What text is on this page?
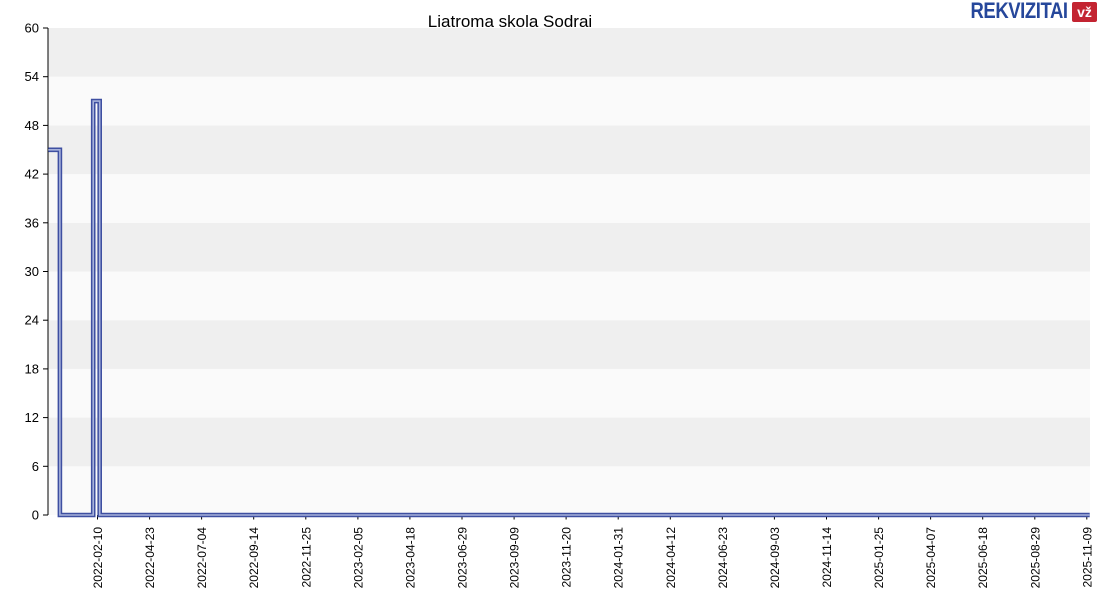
Liatroma skola Sodrai	REKVIZITAI vž
0
6
12
18
24
30
36
42
48
54
60
2022-02-10	2022-04-23	2022-07-04	2022-09-14	2022-11-25	2023-02-05	2023-04-18	2023-06-29	2023-09-09	2023-11-20	2024-01-31	2024-04-12	2024-06-23	2024-09-03	2024-11-14	2025-01-25	2025-04-07	2025-06-18	2025-08-29	2025-11-09
